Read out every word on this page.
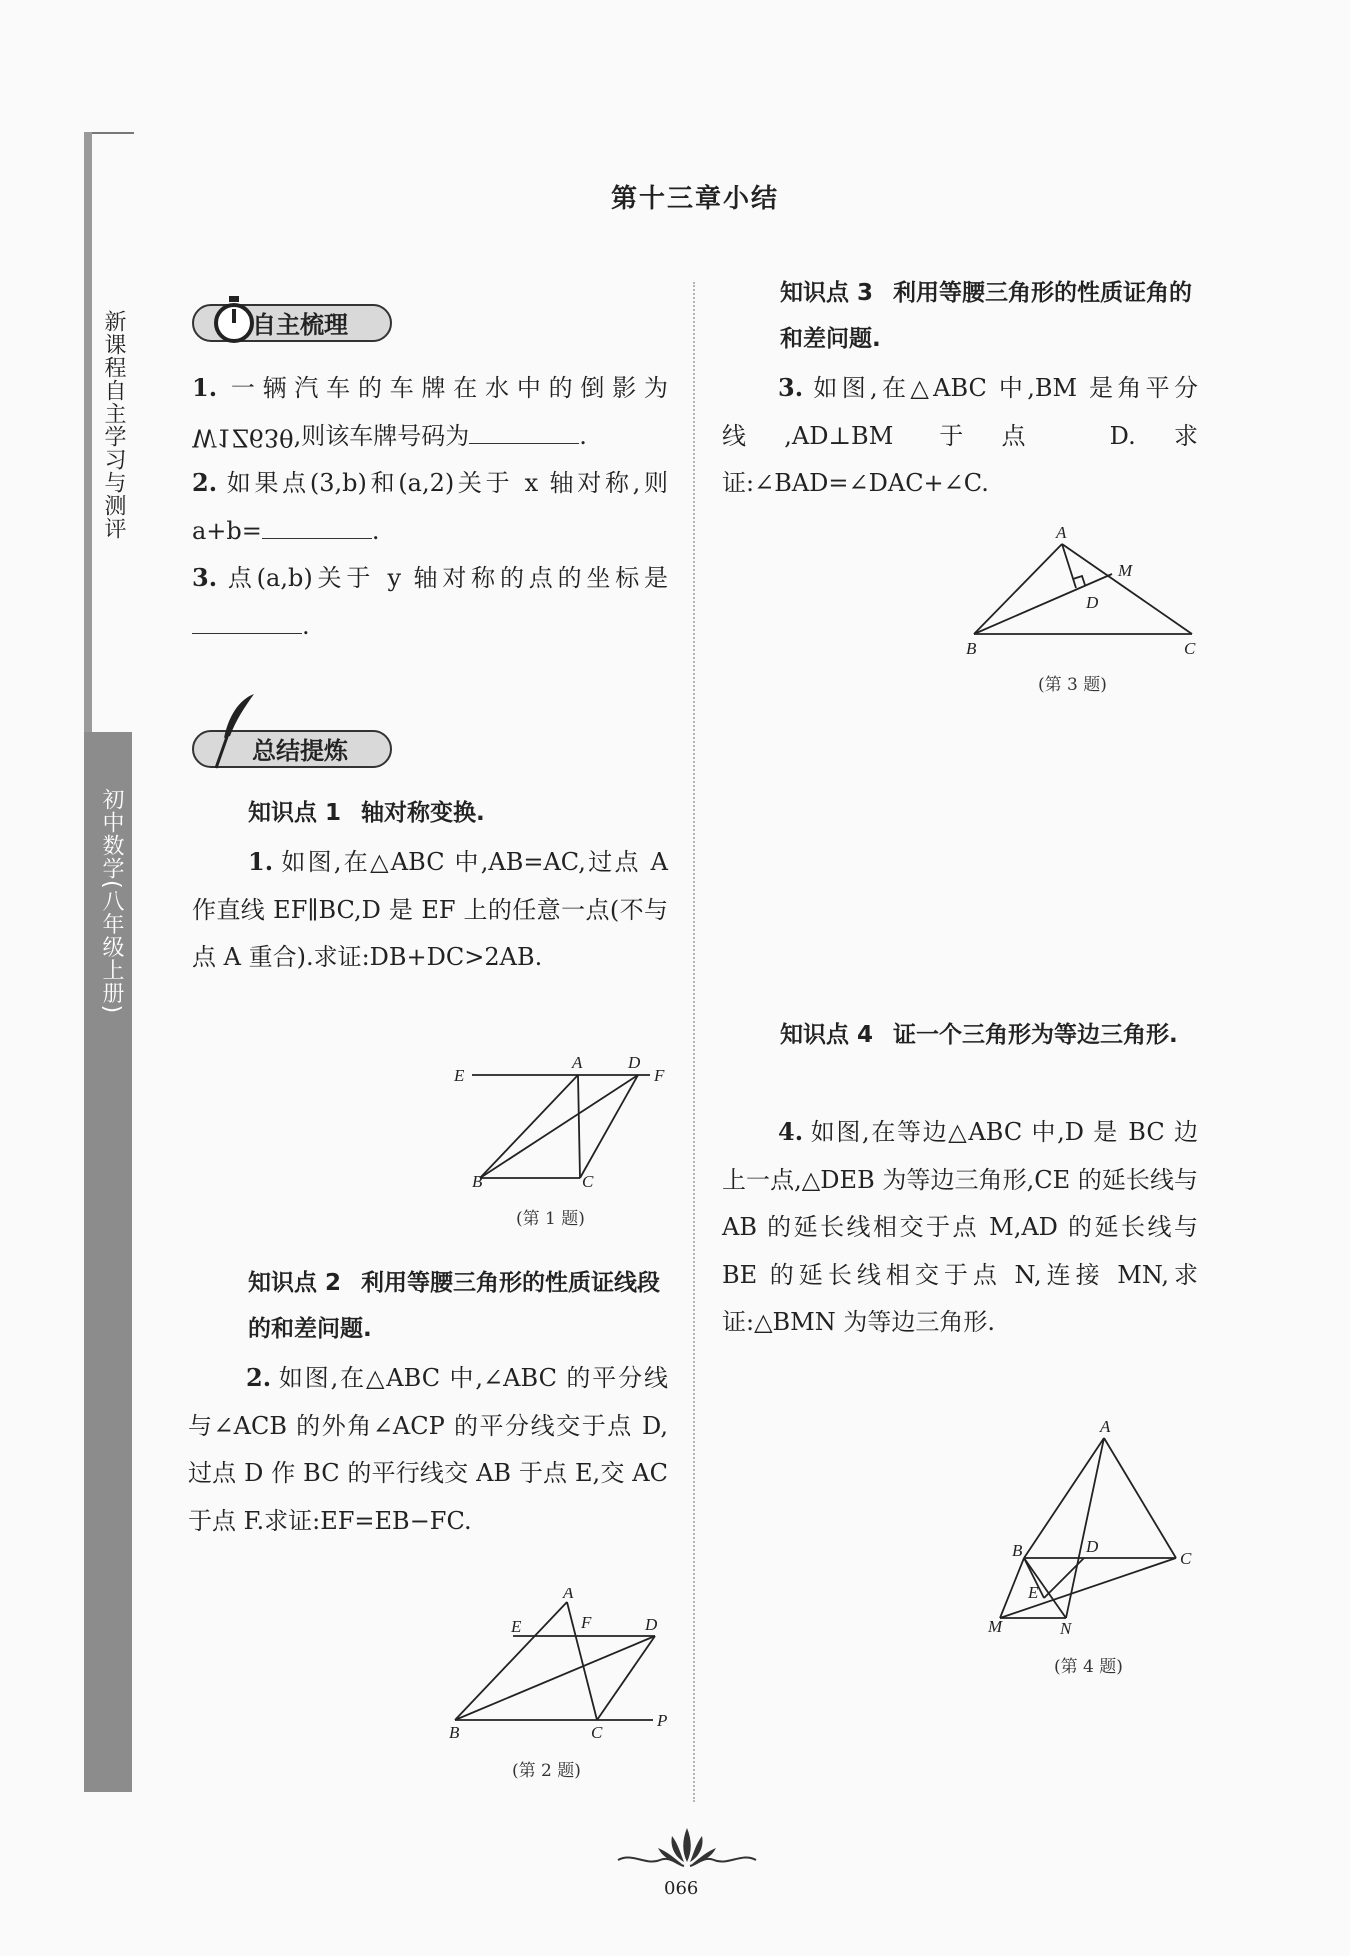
新课程自主学习与测评
初中数学(八年级上册)
第十三章小结
自主梳理
1. 一辆汽车的车牌在水中的倒影为 W1Z63θ,则该车牌号码为	.
2. 如果点(3,b)和(a,2)关于 x 轴对称,则 a+b=	.
3. 点(a,b)关于 y 轴对称的点的坐标是.
总结提炼
知识点 1 轴对称变换.
1. 如图,在△ABC 中,AB=AC,过点 A 作直线 EF∥BC,D 是 EF 上的任意一点(不与点 A 重合).求证:DB+DC>2AB.
E
A	D
F
B	C
(第 1 题)
知识点 2 利用等腰三角形的性质证线段的和差问题.
2. 如图,在△ABC 中,∠ABC 的平分线与∠ACB 的外角∠ACP 的平分线交于点 D,过点 D 作 BC 的平行线交 AB 于点 E,交 AC 于点 F.求证:EF=EB−FC.
A
E	F	D
B	C
P
(第 2 题)
知识点 3 利用等腰三角形的性质证角的和差问题.
3. 如图,在△ABC 中,BM 是角平分线,AD⊥BM 于点 D.求证:∠BAD=∠DAC+∠C.
A
M
D
B	C
(第 3 题)
知识点 4 证一个三角形为等边三角形.
4. 如图,在等边△ABC 中,D 是 BC 边上一点,△DEB 为等边三角形,CE 的延长线与 AB 的延长线相交于点 M,AD 的延长线与 BE 的延长线相交于点 N,连接 MN,求证:△BMN 为等边三角形.
A
B	D
C
E
M	N
(第 4 题)
066
